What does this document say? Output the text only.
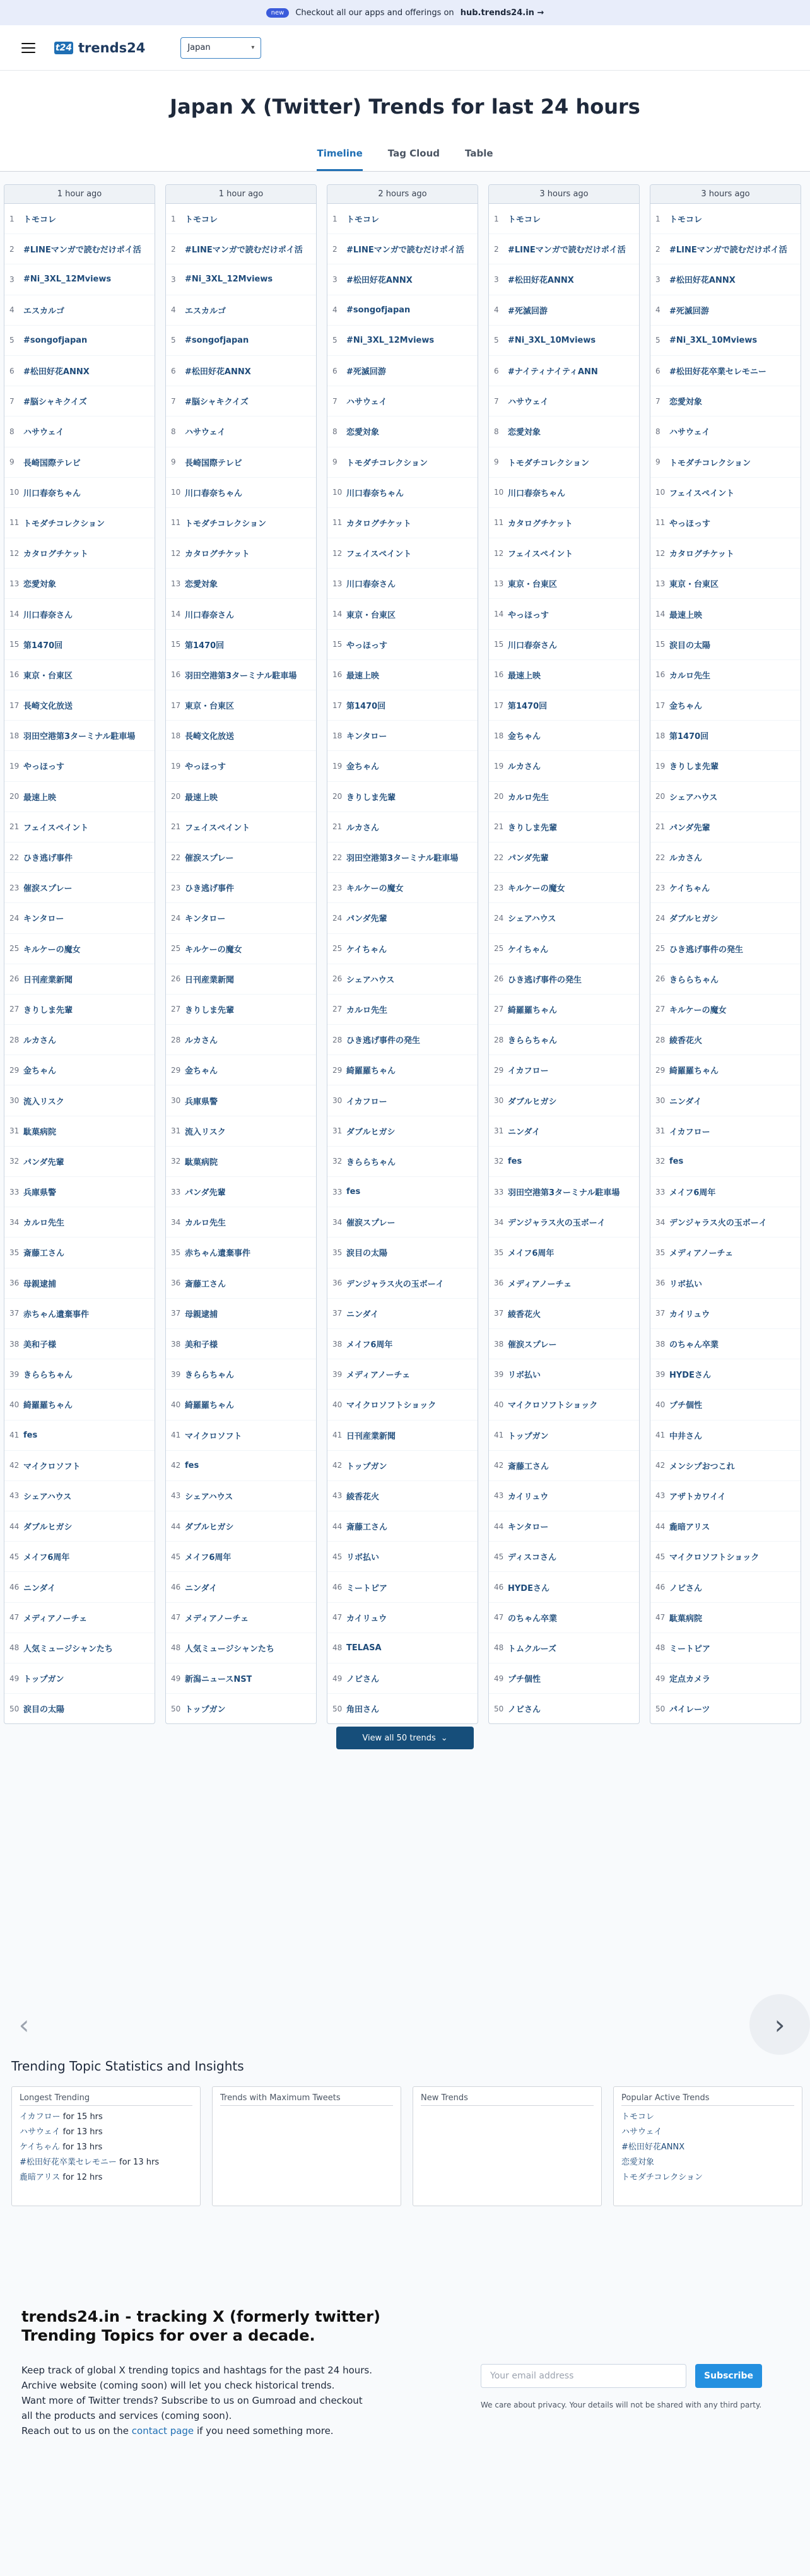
new	Checkout all our apps and offerings on hub.trends24.in →
t24 trends24	Japan	▾
Japan X (Twitter) Trends for last 24 hours
Timeline	Tag Cloud	Table
1 hour ago
1	トモコレ
2	#LINEマンガで読むだけポイ活
3	#Ni_3XL_12Mviews
4	エスカルゴ
5	#songofjapan
6	#松田好花ANNX
7	#脳シャキクイズ
8	ハサウェイ
9	長崎国際テレビ
10 川口春奈ちゃん
11 トモダチコレクション
12 カタログチケット
13 恋愛対象
14 川口春奈さん
15 第1470回
16 東京・台東区
17 長崎文化放送
18 羽田空港第3ターミナル駐車場
19 やっほっす
20 最速上映
21 フェイスペイント
22 ひき逃げ事件
23 催涙スプレー
24 キンタロー
25 キルケーの魔女
26 日刊産業新聞
27 きりしま先輩
28 ルカさん
29 金ちゃん
30 流入リスク
31 駄菓病院
32 パンダ先輩
33 兵庫県警
34 カルロ先生
35 斎藤工さん
36 母親逮捕
37 赤ちゃん遺棄事件
38 美和子様
39 きららちゃん
40 綺羅羅ちゃん
41 fes
42 マイクロソフト
43 シェアハウス
44 ダブルヒガシ
45 メイフ6周年
46 ニンダイ
47 メディアノーチェ
48 人気ミュージシャンたち
49 トップガン
50 涙目の太陽
1 hour ago
1	トモコレ
2	#LINEマンガで読むだけポイ活
3	#Ni_3XL_12Mviews
4	エスカルゴ
5	#songofjapan
6	#松田好花ANNX
7	#脳シャキクイズ
8	ハサウェイ
9	長崎国際テレビ
10 川口春奈ちゃん
11 トモダチコレクション
12 カタログチケット
13 恋愛対象
14 川口春奈さん
15 第1470回
16 羽田空港第3ターミナル駐車場
17 東京・台東区
18 長崎文化放送
19 やっほっす
20 最速上映
21 フェイスペイント
22 催涙スプレー
23 ひき逃げ事件
24 キンタロー
25 キルケーの魔女
26 日刊産業新聞
27 きりしま先輩
28 ルカさん
29 金ちゃん
30 兵庫県警
31 流入リスク
32 駄菓病院
33 パンダ先輩
34 カルロ先生
35 赤ちゃん遺棄事件
36 斎藤工さん
37 母親逮捕
38 美和子様
39 きららちゃん
40 綺羅羅ちゃん
41 マイクロソフト
42 fes
43 シェアハウス
44 ダブルヒガシ
45 メイフ6周年
46 ニンダイ
47 メディアノーチェ
48 人気ミュージシャンたち
49 新潟ニュースNST
50 トップガン
2 hours ago
1	トモコレ
2	#LINEマンガで読むだけポイ活
3	#松田好花ANNX
4	#songofjapan
5	#Ni_3XL_12Mviews
6	#死滅回游
7	ハサウェイ
8	恋愛対象
9	トモダチコレクション
10 川口春奈ちゃん
11 カタログチケット
12 フェイスペイント
13 川口春奈さん
14 東京・台東区
15 やっほっす
16 最速上映
17 第1470回
18 キンタロー
19 金ちゃん
20 きりしま先輩
21 ルカさん
22 羽田空港第3ターミナル駐車場
23 キルケーの魔女
24 パンダ先輩
25 ケイちゃん
26 シェアハウス
27 カルロ先生
28 ひき逃げ事件の発生
29 綺羅羅ちゃん
30 イカフロー
31 ダブルヒガシ
32 きららちゃん
33 fes
34 催涙スプレー
35 涙目の太陽
36 デンジャラス火の玉ボーイ
37 ニンダイ
38 メイフ6周年
39 メディアノーチェ
40 マイクロソフトショック
41 日刊産業新聞
42 トップガン
43 綾香花火
44 斎藤工さん
45 リボ払い
46 ミートピア
47 カイリュウ
48 TELASA
49 ノビさん
50 角田さん
3 hours ago
1	トモコレ
2	#LINEマンガで読むだけポイ活
3	#松田好花ANNX
4	#死滅回游
5	#Ni_3XL_10Mviews
6	#ナイティナイティANN
7	ハサウェイ
8	恋愛対象
9	トモダチコレクション
10 川口春奈ちゃん
11 カタログチケット
12 フェイスペイント
13 東京・台東区
14 やっほっす
15 川口春奈さん
16 最速上映
17 第1470回
18 金ちゃん
19 ルカさん
20 カルロ先生
21 きりしま先輩
22 パンダ先輩
23 キルケーの魔女
24 シェアハウス
25 ケイちゃん
26 ひき逃げ事件の発生
27 綺羅羅ちゃん
28 きららちゃん
29 イカフロー
30 ダブルヒガシ
31 ニンダイ
32 fes
33 羽田空港第3ターミナル駐車場
34 デンジャラス火の玉ボーイ
35 メイフ6周年
36 メディアノーチェ
37 綾香花火
38 催涙スプレー
39 リボ払い
40 マイクロソフトショック
41 トップガン
42 斎藤工さん
43 カイリュウ
44 キンタロー
45 ディスコさん
46 HYDEさん
47 のちゃん卒業
48 トムクルーズ
49 プチ個性
50 ノビさん
3 hours ago
1	トモコレ
2	#LINEマンガで読むだけポイ活
3	#松田好花ANNX
4	#死滅回游
5	#Ni_3XL_10Mviews
6	#松田好花卒業セレモニー
7	恋愛対象
8	ハサウェイ
9	トモダチコレクション
10 フェイスペイント
11 やっほっす
12 カタログチケット
13 東京・台東区
14 最速上映
15 涙目の太陽
16 カルロ先生
17 金ちゃん
18 第1470回
19 きりしま先輩
20 シェアハウス
21 パンダ先輩
22 ルカさん
23 ケイちゃん
24 ダブルヒガシ
25 ひき逃げ事件の発生
26 きららちゃん
27 キルケーの魔女
28 綾香花火
29 綺羅羅ちゃん
30 ニンダイ
31 イカフロー
32 fes
33 メイフ6周年
34 デンジャラス火の玉ボーイ
35 メディアノーチェ
36 リボ払い
37 カイリュウ
38 のちゃん卒業
39 HYDEさん
40 プチ個性
41 中井さん
42 メンシプおつこれ
43 アザトカワイイ
44 麁暗アリス
45 マイクロソフトショック
46 ノビさん
47 駄菓病院
48 ミートピア
49 定点カメラ
50 パイレーツ
View all 50 trends ⌄
‹	›
Trending Topic Statistics and Insights
Longest Trending
イカフロー for 15 hrs
ハサウェイ for 13 hrs
ケイちゃん for 13 hrs
#松田好花卒業セレモニー for 13 hrs
麁暗アリス for 12 hrs
Trends with Maximum Tweets	New Trends	Popular Active Trends
トモコレ
ハサウェイ
#松田好花ANNX
恋愛対象
トモダチコレクション
trends24.in - tracking X (formerly twitter) Trending Topics for over a decade.
Keep track of global X trending topics and hashtags for the past 24 hours.
Archive website (coming soon) will let you check historical trends.
Want more of Twitter trends? Subscribe to us on Gumroad and checkout all the products and services (coming soon).
Reach out to us on the contact page if you need something more.
Your email address	Subscribe
We care about privacy. Your details will not be shared with any third party.
